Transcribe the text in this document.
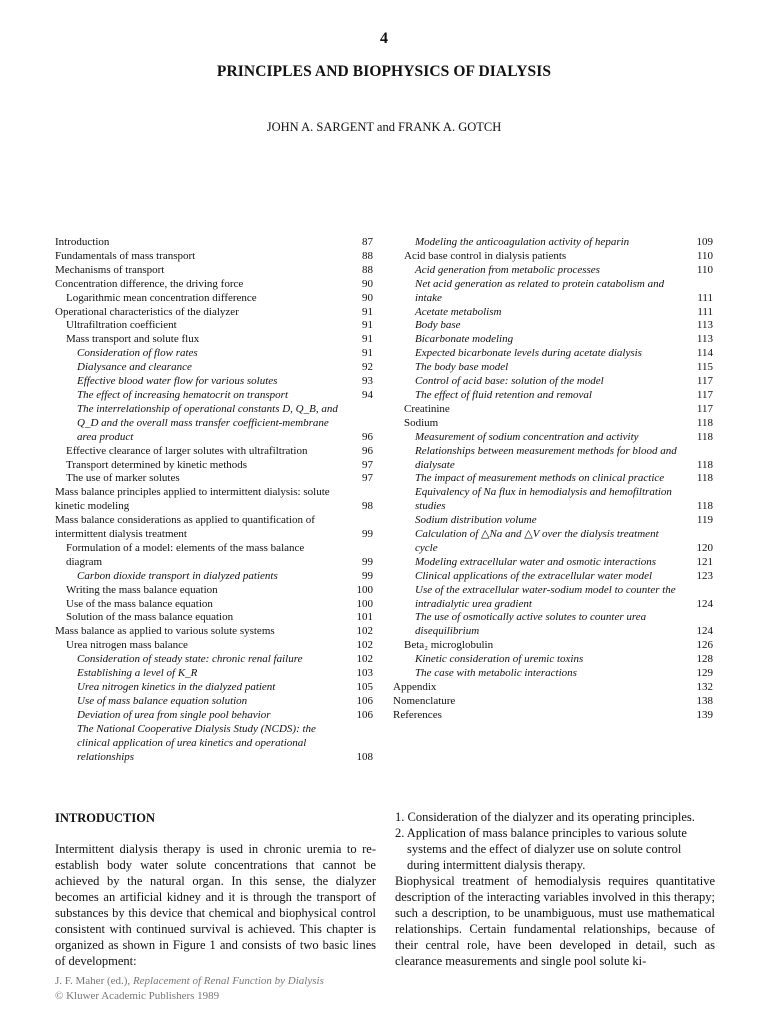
4
PRINCIPLES AND BIOPHYSICS OF DIALYSIS
JOHN A. SARGENT and FRANK A. GOTCH
Introduction	87
Fundamentals of mass transport	88
Mechanisms of transport	88
Concentration difference, the driving force	90
Logarithmic mean concentration difference	90
Operational characteristics of the dialyzer	91
Ultrafiltration coefficient	91
Mass transport and solute flux	91
Consideration of flow rates	91
Dialysance and clearance	92
Effective blood water flow for various solutes	93
The effect of increasing hematocrit on transport	94
The interrelationship of operational constants D, Q_B, and Q_D and the overall mass transfer coefficient-membrane area product	96
Effective clearance of larger solutes with ultrafiltration	96
Transport determined by kinetic methods	97
The use of marker solutes	97
Mass balance principles applied to intermittent dialysis: solute kinetic modeling	98
Mass balance considerations as applied to quantification of intermittent dialysis treatment	99
Formulation of a model: elements of the mass balance diagram	99
Carbon dioxide transport in dialyzed patients	99
Writing the mass balance equation	100
Use of the mass balance equation	100
Solution of the mass balance equation	101
Mass balance as applied to various solute systems	102
Urea nitrogen mass balance	102
Consideration of steady state: chronic renal failure	102
Establishing a level of K_R	103
Urea nitrogen kinetics in the dialyzed patient	105
Use of mass balance equation solution	106
Deviation of urea from single pool behavior	106
The National Cooperative Dialysis Study (NCDS): the clinical application of urea kinetics and operational relationships	108
Modeling the anticoagulation activity of heparin	109
Acid base control in dialysis patients	110
Acid generation from metabolic processes	110
Net acid generation as related to protein catabolism and intake	111
Acetate metabolism	111
Body base	113
Bicarbonate modeling	113
Expected bicarbonate levels during acetate dialysis	114
The body base model	115
Control of acid base: solution of the model	117
The effect of fluid retention and removal	117
Creatinine	117
Sodium	118
Measurement of sodium concentration and activity	118
Relationships between measurement methods for blood and dialysate	118
The impact of measurement methods on clinical practice	118
Equivalency of Na flux in hemodialysis and hemofiltration studies	118
Sodium distribution volume	119
Calculation of △Na and △V over the dialysis treatment cycle	120
Modeling extracellular water and osmotic interactions	121
Clinical applications of the extracellular water model	123
Use of the extracellular water-sodium model to counter the intradialytic urea gradient	124
The use of osmotically active solutes to counter urea disequilibrium	124
Beta₂ microglobulin	126
Kinetic consideration of uremic toxins	128
The case with metabolic interactions	129
Appendix	132
Nomenclature	138
References	139
INTRODUCTION
Intermittent dialysis therapy is used in chronic uremia to re-establish body water solute concentrations that cannot be achieved by the natural organ. In this sense, the dialyzer becomes an artificial kidney and it is through the transport of substances by this device that chemical and biophysical control consistent with continued survival is achieved. This chapter is organized as shown in Figure 1 and consists of two basic lines of development:
1. Consideration of the dialyzer and its operating principles.
2. Application of mass balance principles to various solute systems and the effect of dialyzer use on solute control during intermittent dialysis therapy.
Biophysical treatment of hemodialysis requires quantitative description of the interacting variables involved in this therapy; such a description, to be unambiguous, must use mathematical relationships. Certain fundamental relationships, because of their central role, have been developed in detail, such as clearance measurements and single pool solute ki-
J. F. Maher (ed.), Replacement of Renal Function by Dialysis
© Kluwer Academic Publishers 1989
